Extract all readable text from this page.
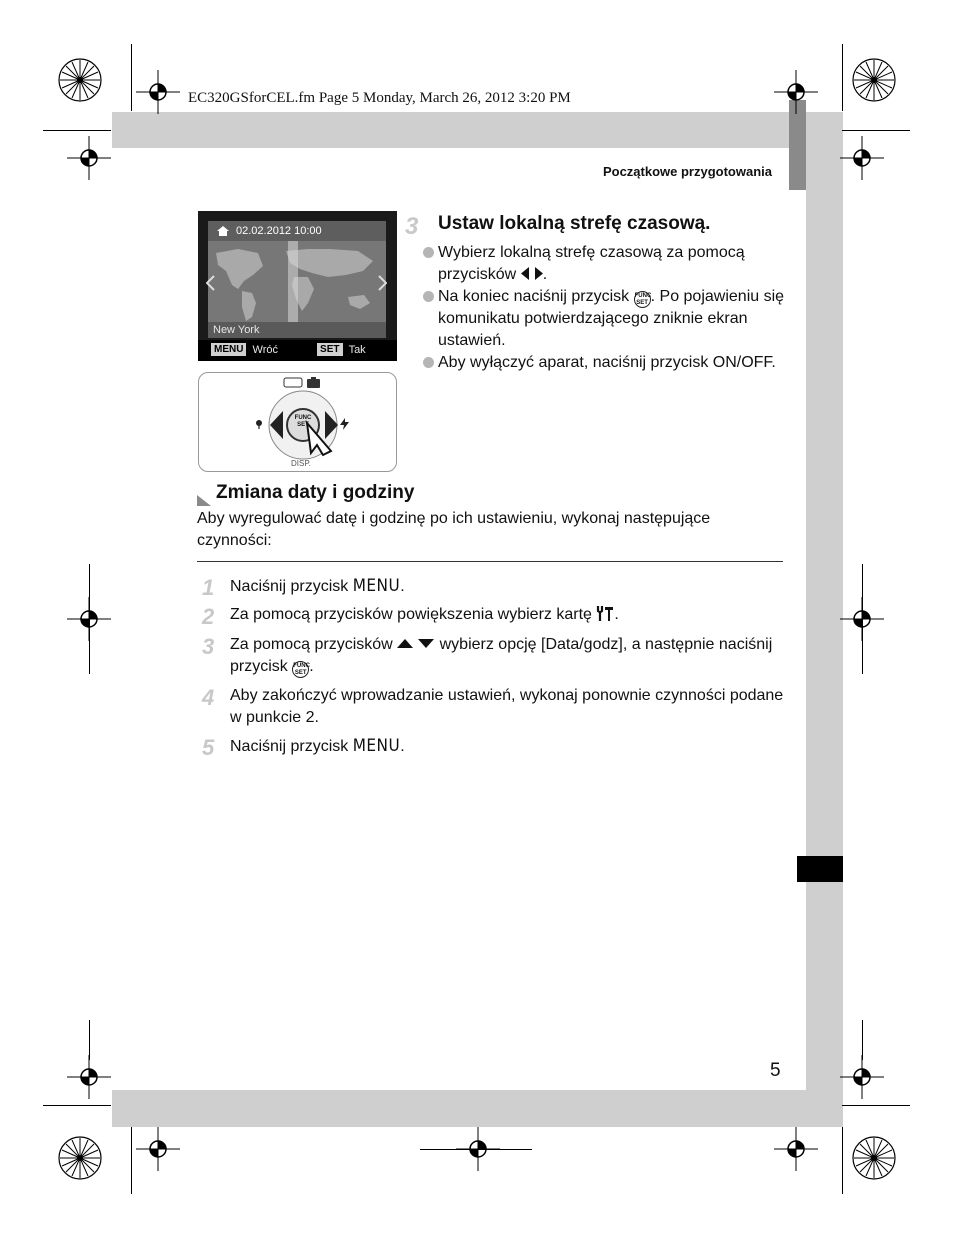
EC320GSforCEL.fm Page 5 Monday, March 26, 2012 3:20 PM
Początkowe przygotowania
02.02.2012 10:00
New York
MENU Wróć	SET Tak
FUNC
SET
DISP.
3 Ustaw lokalną strefę czasową.
Wybierz lokalną strefę czasową za pomocą przycisków .
Na koniec naciśnij przycisk FUNC
SET . Po pojawieniu się komunikatu potwierdzającego zniknie ekran ustawień.
Aby wyłączyć aparat, naciśnij przycisk ON/OFF.
Zmiana daty i godziny
Aby wyregulować datę i godzinę po ich ustawieniu, wykonaj następujące czynności:
1 Naciśnij przycisk MENU.
2 Za pomocą przycisków powiększenia wybierz kartę .
3 Za pomocą przycisków  wybierz opcję [Data/godz], a następnie naciśnij przycisk FUNC
SET .
4 Aby zakończyć wprowadzanie ustawień, wykonaj ponownie czynności podane w punkcie 2.
5 Naciśnij przycisk MENU.
5
